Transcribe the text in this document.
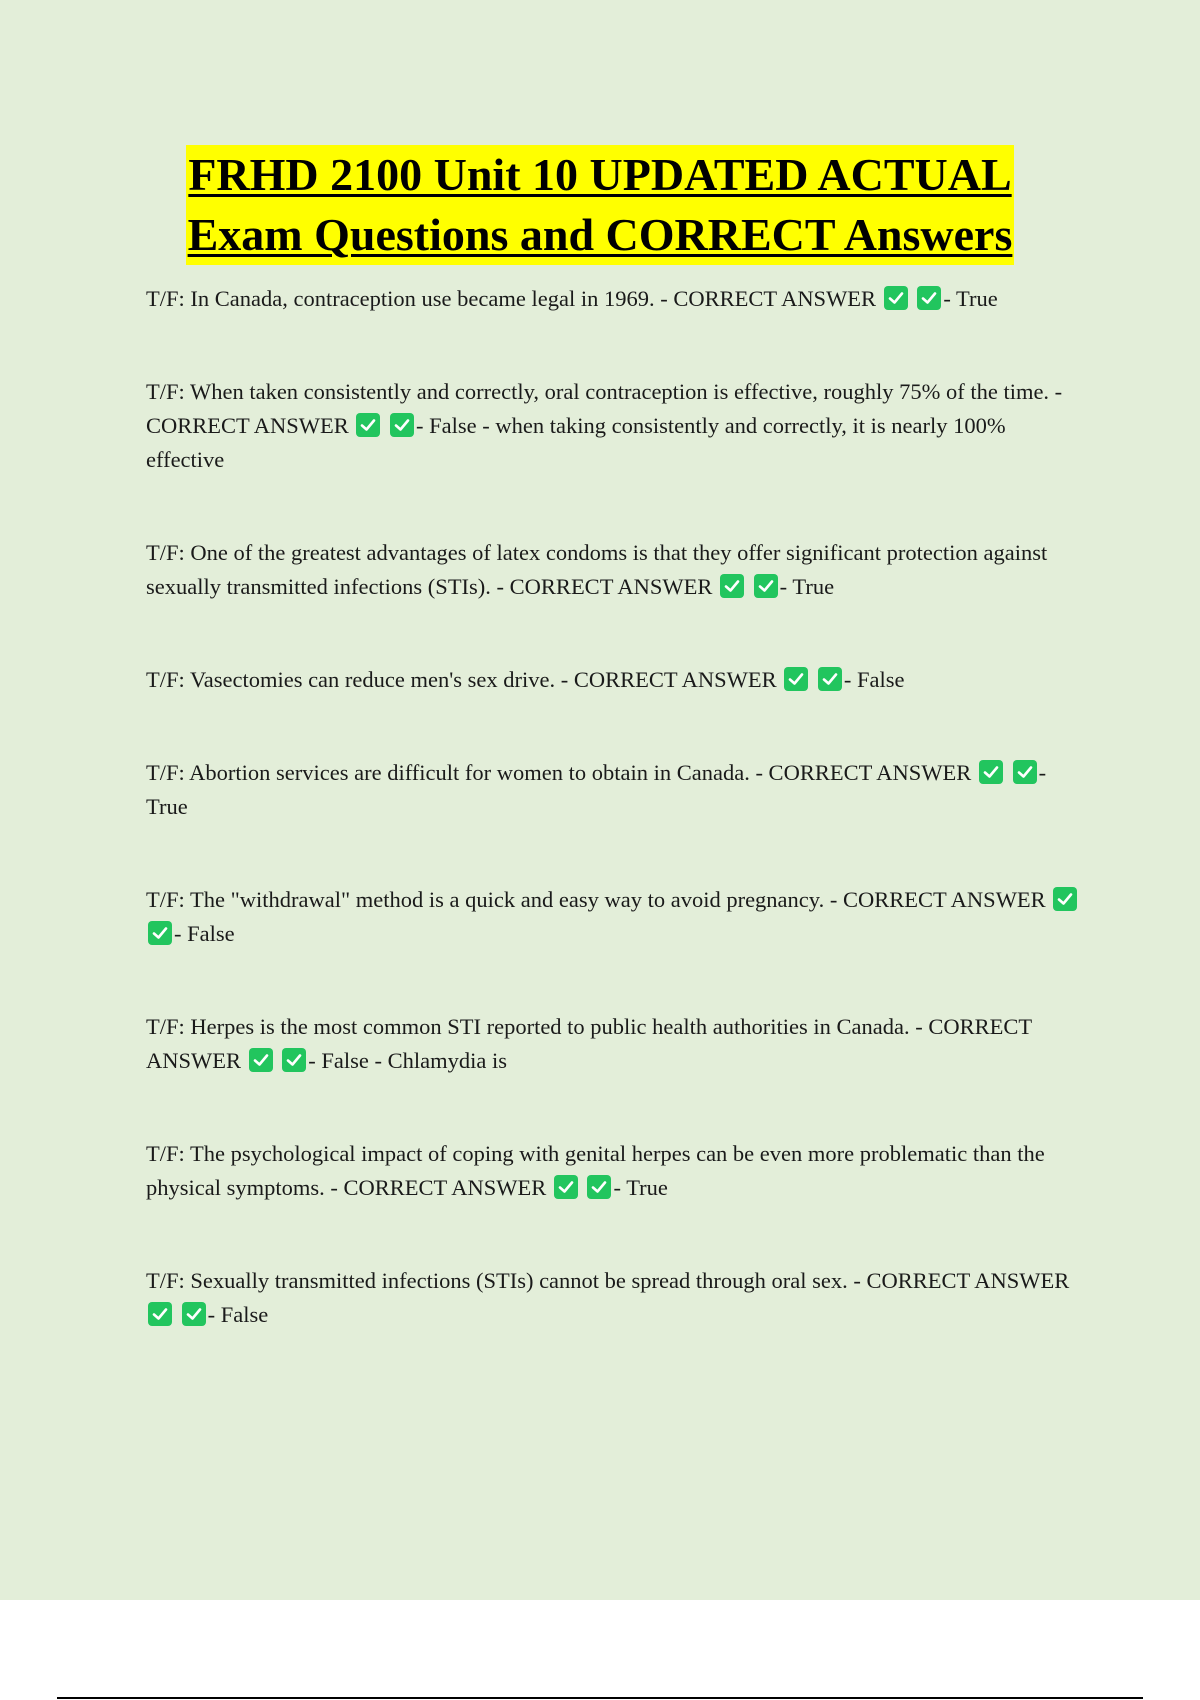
FRHD 2100 Unit 10 UPDATED ACTUAL
Exam Questions and CORRECT Answers

T/F: In Canada, contraception use became legal in 1969. - CORRECT ANSWER
	- True

T/F: When taken consistently and correctly, oral contraception is effective, roughly 75% of the time. - CORRECT ANSWER
	- False - when taking consistently and correctly, it is nearly 100% effective

T/F: One of the greatest advantages of latex condoms is that they offer significant protection against sexually transmitted infections (STIs). - CORRECT ANSWER
	- True

T/F: Vasectomies can reduce men's sex drive. - CORRECT ANSWER
	- False

T/F: Abortion services are difficult for women to obtain in Canada. - CORRECT ANSWER
	- True

T/F: The "withdrawal" method is a quick and easy way to avoid pregnancy. - CORRECT ANSWER

- False

T/F: Herpes is the most common STI reported to public health authorities in Canada. - CORRECT ANSWER
	- False - Chlamydia is

T/F: The psychological impact of coping with genital herpes can be even more problematic than the physical symptoms. - CORRECT ANSWER
	- True

T/F: Sexually transmitted infections (STIs) cannot be spread through oral sex. - CORRECT ANSWER

- False
